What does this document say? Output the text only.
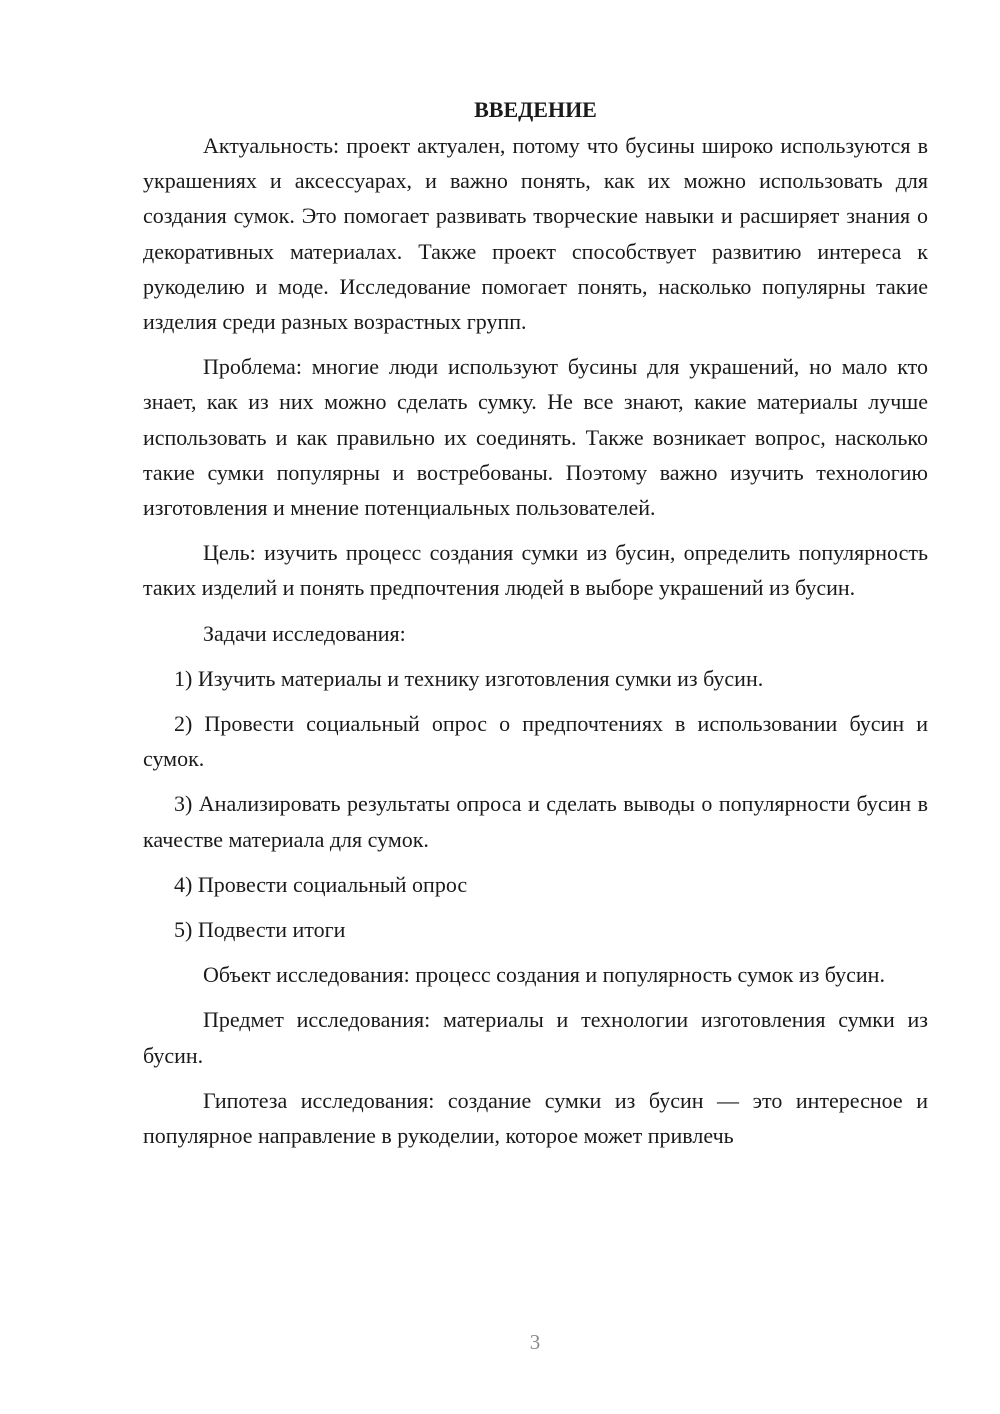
ВВЕДЕНИЕ

Актуальность: проект актуален, потому что бусины широко используются в украшениях и аксессуарах, и важно понять, как их можно использовать для создания сумок. Это помогает развивать творческие навыки и расширяет знания о декоративных материалах. Также проект способствует развитию интереса к рукоделию и моде. Исследование помогает понять, насколько популярны такие изделия среди разных возрастных групп.

Проблема: многие люди используют бусины для украшений, но мало кто знает, как из них можно сделать сумку. Не все знают, какие материалы лучше использовать и как правильно их соединять. Также возникает вопрос, насколько такие сумки популярны и востребованы. Поэтому важно изучить технологию изготовления и мнение потенциальных пользователей.

Цель: изучить процесс создания сумки из бусин, определить популярность таких изделий и понять предпочтения людей в выборе украшений из бусин.

Задачи исследования:

1) Изучить материалы и технику изготовления сумки из бусин.

2) Провести социальный опрос о предпочтениях в использовании бусин и сумок.

3) Анализировать результаты опроса и сделать выводы о популярности бусин в качестве материала для сумок.

4) Провести социальный опрос

5) Подвести итоги

Объект исследования: процесс создания и популярность сумок из бусин.

Предмет исследования: материалы и технологии изготовления сумки из бусин.

Гипотеза исследования: создание сумки из бусин — это интересное и популярное направление в рукоделии, которое может привлечь

3
